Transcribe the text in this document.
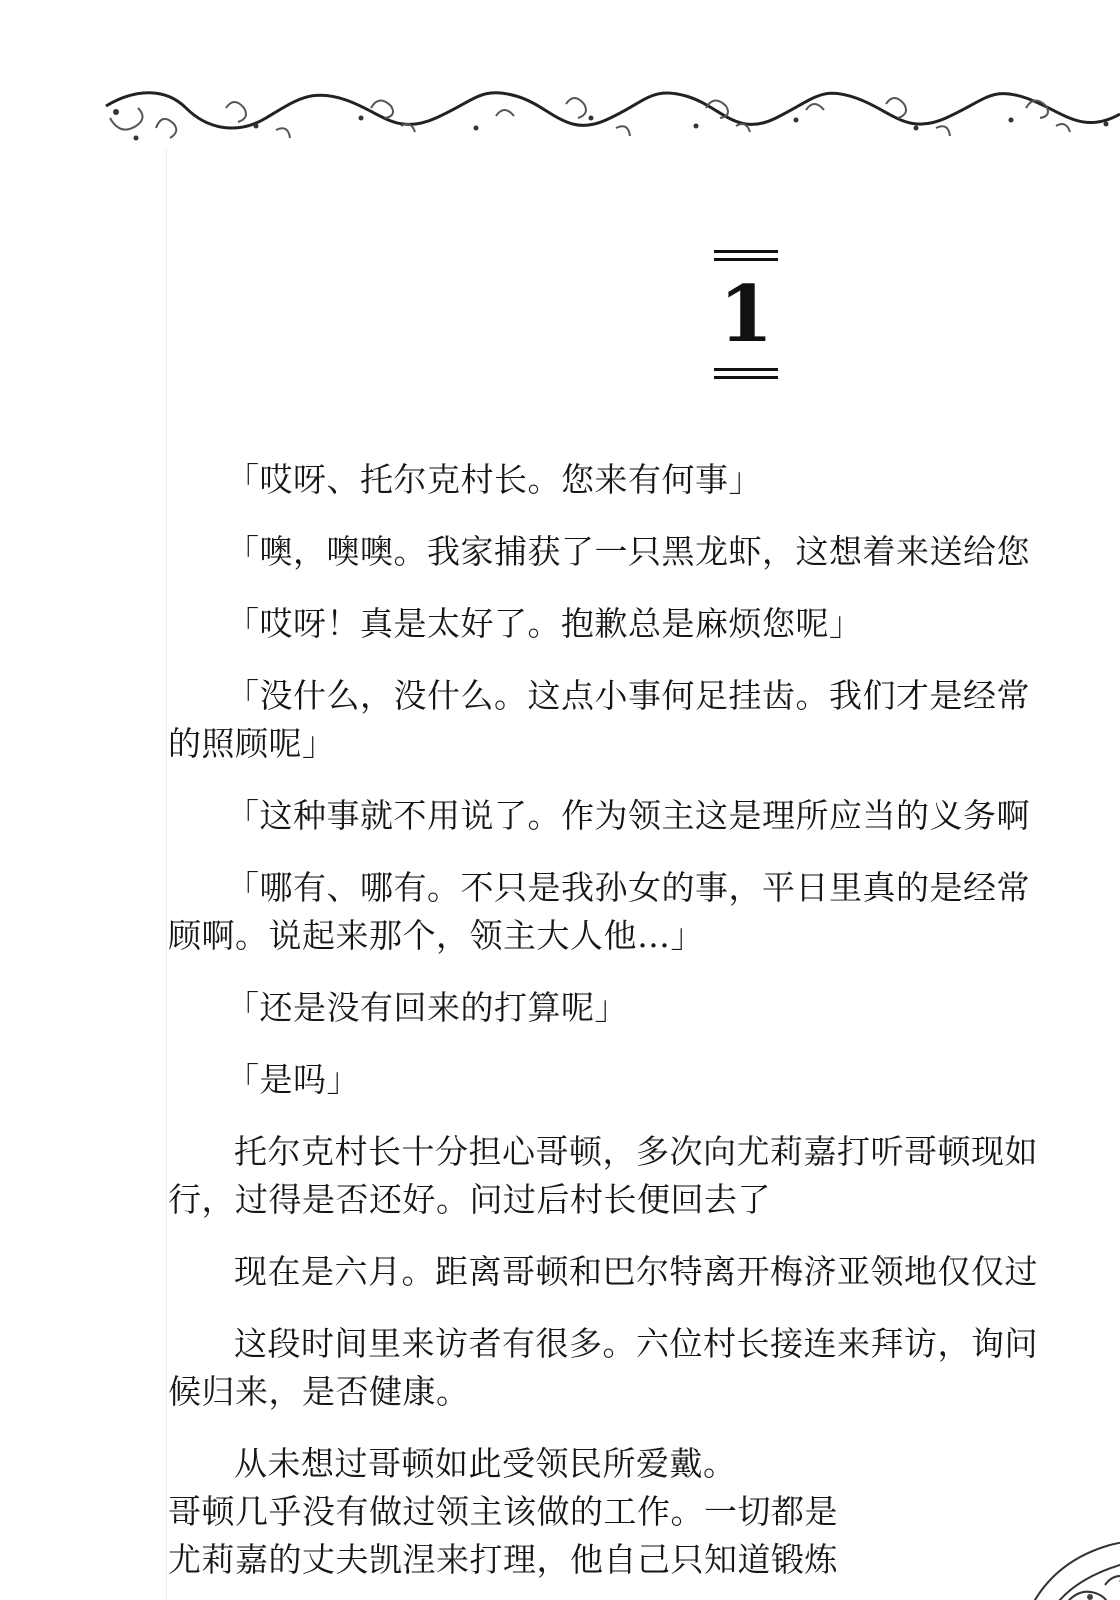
1
「哎呀、托尔克村长。您来有何事」
「噢，噢噢。我家捕获了一只黑龙虾，这想着来送给您
「哎呀！真是太好了。抱歉总是麻烦您呢」
「没什么，没什么。这点小事何足挂齿。我们才是经常
的照顾呢」
「这种事就不用说了。作为领主这是理所应当的义务啊
「哪有、哪有。不只是我孙女的事，平日里真的是经常
顾啊。说起来那个，领主大人他…」
「还是没有回来的打算呢」
「是吗」
托尔克村长十分担心哥顿，多次向尤莉嘉打听哥顿现如
行，过得是否还好。问过后村长便回去了
现在是六月。距离哥顿和巴尔特离开梅济亚领地仅仅过
这段时间里来访者有很多。六位村长接连来拜访，询问
候归来，是否健康。
从未想过哥顿如此受领民所爱戴。
哥顿几乎没有做过领主该做的工作。一切都是
尤莉嘉的丈夫凯涅来打理，他自己只知道锻炼
